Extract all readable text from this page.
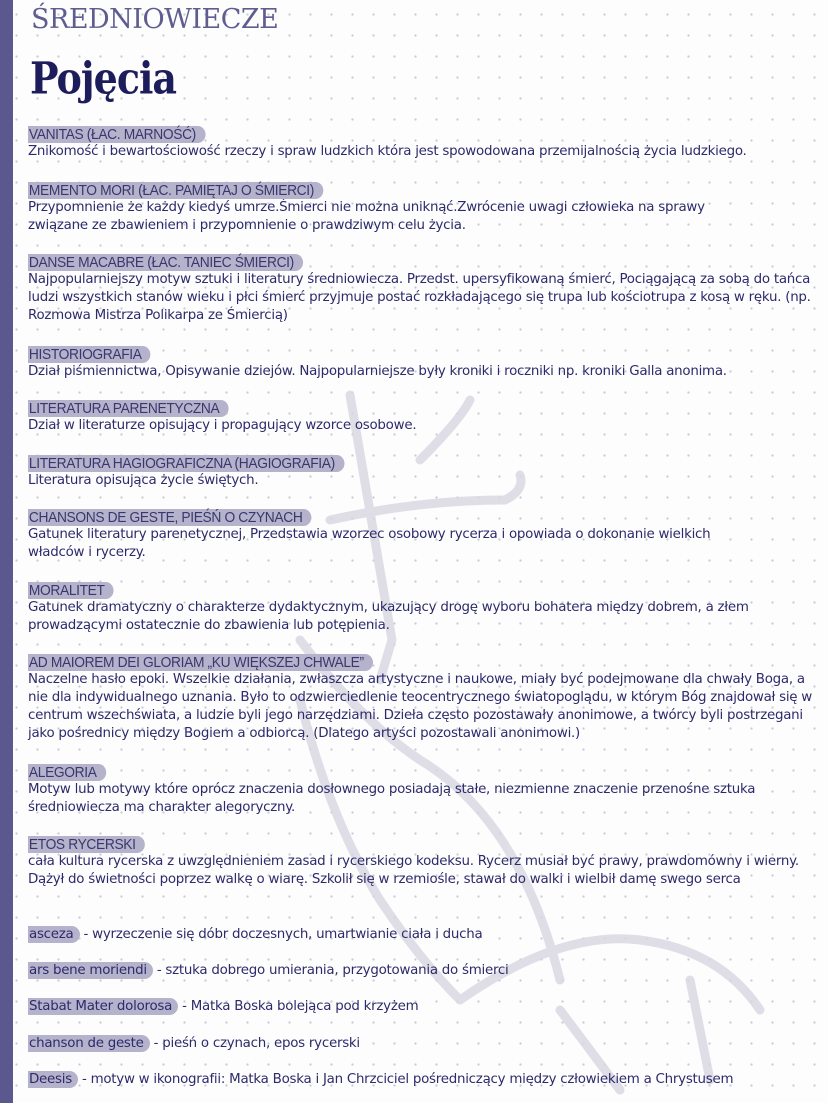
ŚREDNIOWIECZE
Pojęcia
VANITAS (ŁAC. MARNOŚĆ)
Znikomość i bewartościowość rzeczy i spraw ludzkich która jest spowodowana przemijalnością życia ludzkiego.
MEMENTO MORI (ŁAC. PAMIĘTAJ O ŚMIERCI)
Przypomnienie że każdy kiedyś umrze.Śmierci nie można uniknąć.Zwrócenie uwagi człowieka na sprawy związane ze zbawieniem i przypomnienie o prawdziwym celu życia.
DANSE MACABRE (ŁAC. TANIEC ŚMIERCI)
Najpopularniejszy motyw sztuki i literatury średniowiecza. Przedst. upersyfikowaną śmierć, Pociągającą za sobą do tańca ludzi wszystkich stanów wieku i płci śmierć przyjmuje postać rozkładającego się trupa lub kościotrupa z kosą w ręku. (np. Rozmowa Mistrza Polikarpa ze Śmiercią)
HISTORIOGRAFIA
Dział piśmiennictwa, Opisywanie dziejów. Najpopularniejsze były kroniki i roczniki np. kroniki Galla anonima.
LITERATURA PARENETYCZNA
Dział w literaturze opisujący i propagujący wzorce osobowe.
LITERATURA HAGIOGRAFICZNA (HAGIOGRAFIA)
Literatura opisująca życie świętych.
CHANSONS DE GESTE, PIEŚŃ O CZYNACH
Gatunek literatury parenetycznej, Przedstawia wzorzec osobowy rycerza i opowiada o dokonanie wielkich władców i rycerzy.
MORALITET
Gatunek dramatyczny o charakterze dydaktycznym, ukazujący drogę wyboru bohatera między dobrem, a złem prowadzącymi ostatecznie do zbawienia lub potępienia.
AD MAIOREM DEI GLORIAM „KU WIĘKSZEJ CHWALE”
Naczelne hasło epoki. Wszelkie działania, zwłaszcza artystyczne i naukowe, miały być podejmowane dla chwały Boga, a nie dla indywidualnego uznania. Było to odzwierciedlenie teocentrycznego światopoglądu, w którym Bóg znajdował się w centrum wszechświata, a ludzie byli jego narzędziami. Dzieła często pozostawały anonimowe, a twórcy byli postrzegani jako pośrednicy między Bogiem a odbiorcą. (Dlatego artyści pozostawali anonimowi.)
ALEGORIA
Motyw lub motywy które oprócz znaczenia dosłownego posiadają stałe, niezmienne znaczenie przenośne sztuka średniowiecza ma charakter alegoryczny.
ETOS RYCERSKI
cała kultura rycerska z uwzględnieniem zasad i rycerskiego kodeksu. Rycerz musiał być prawy, prawdomówny i wierny. Dążył do świetności poprzez walkę o wiarę. Szkolił się w rzemiośle, stawał do walki i wielbił damę swego serca
asceza - wyrzeczenie się dóbr doczesnych, umartwianie ciała i ducha
ars bene moriendi - sztuka dobrego umierania, przygotowania do śmierci
Stabat Mater dolorosa - Matka Boska bolejąca pod krzyżem
chanson de geste - pieśń o czynach, epos rycerski
Deesis - motyw w ikonografii: Matka Boska i Jan Chrzciciel pośredniczący między człowiekiem a Chrystusem
